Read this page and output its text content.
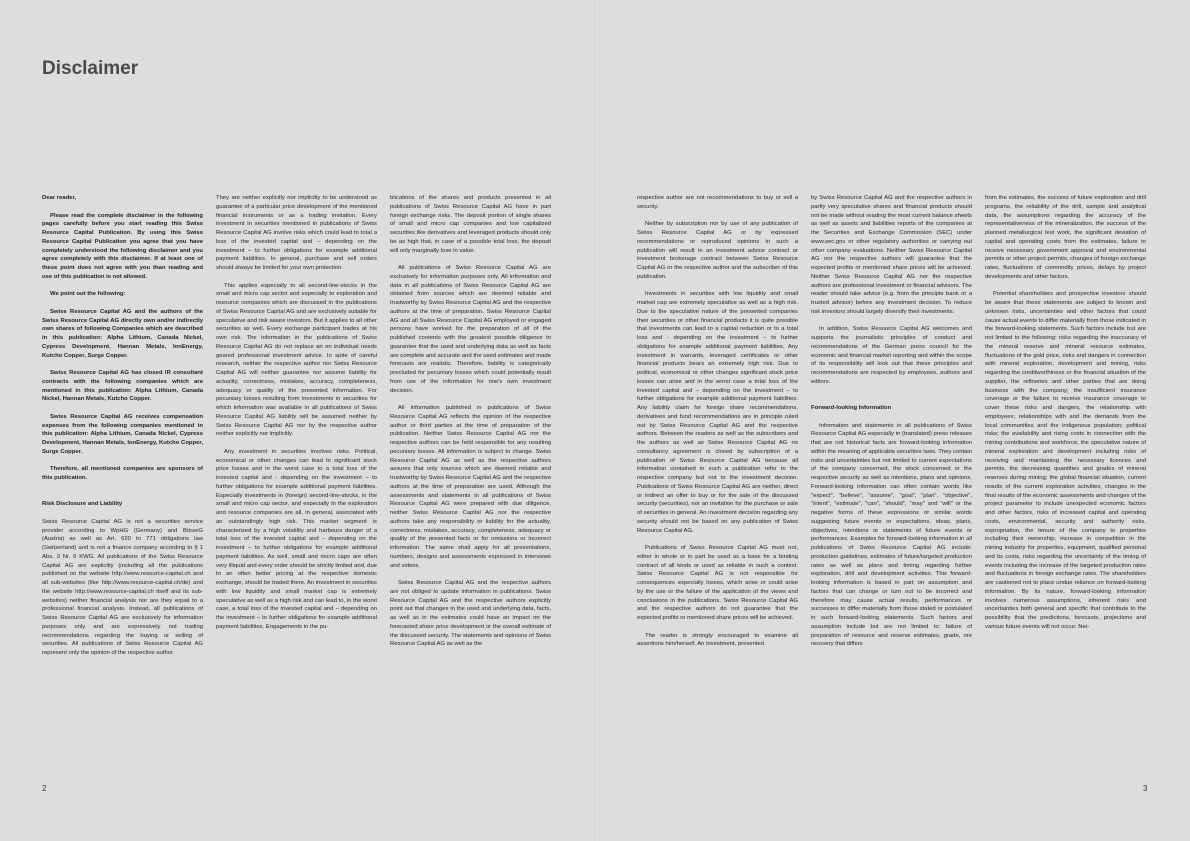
Disclaimer

Dear reader,

Please read the complete disclaimer in the following pages carefully before you start reading this Swiss Resource Capital Publication. By using this Swiss Resource Capital Publication you agree that you have completely understood the following disclaimer and you agree completely with this disclaimer. If at least one of these point does not agree with you than reading and use of this publication is not allowed.

We point out the following:

Swiss Resource Capital AG and the authors of the Swiss Resource Capital AG directly own and/or indirectly own shares of following Companies which are described in this publication: Alpha Lithium, Canada Nickel, Cypress Development, Hannan Metals, IonEnergy, Kutcho Copper, Surge Copper.

Swiss Resource Capital AG has closed IR consultant contracts with the following companies which are mentioned in this publication: Alpha Lithium, Canada Nickel, Hannan Metals, Kutcho Copper.

Swiss Resource Capital AG receives compensation expenses from the following companies mentioned in this publication: Alpha Lithium, Canada Nickel, Cypress Development, Hannan Metals, IonEnergy, Kutcho Copper, Surge Copper.

Therefore, all mentioned companies are sponsors of this publication.

Risk Disclosure and Liability

Swiss Resource Capital AG is not a securities service provider according to WpHG (Germany) and BörseG (Austria) as well as Art. 620 to 771 obligations law (Switzerland) and is not a finance company according to § 1 Abs. 3 Nr. 6 KWG. All publications of the Swiss Resource Capital AG are explicitly (including all the publications published on the website http://www.resource-capital.ch and all sub-websites (like http://www.resource-capital.ch/de) and the website http://www.resource-capital.ch itself and its sub-websites) neither financial analysis nor are they equal to a professional financial analysis. Instead, all publications of Swiss Resource Capital AG are exclusively for information purposes only and are expressively not trading recommendations regarding the buying or selling of securities. All publications of Swiss Resource Capital AG represent only the opinion of the respective author.

They are neither explicitly nor implicitly to be understood as guarantee of a particular price development of the mentioned financial instruments or as a trading invitation. Every investment in securities mentioned in publications of Swiss Resource Capital AG involve risks which could lead to total a loss of the invested capital and – depending on the investment – to further obligations for example additional payment liabilities. In general, purchase and sell orders should always be limited for your own protection.

This applies especially to all second-line-stocks in the small and micro cap sector and especially to exploration and resource companies which are discussed in the publications of Swiss Resource Capital AG and are exclusively suitable for speculative and risk aware investors. But it applies to all other securities as well. Every exchange participant trades at his own risk. The information in the publications of Swiss Resource Capital AG do not replace an on individual needs geared professional investment advice. In spite of careful research, neither the respective author nor Swiss Resource Capital AG will neither guarantee nor assume liability for actuality, correctness, mistakes, accuracy, completeness, adequacy or quality of the presented information. For pecuniary losses resulting from investments in securities for which information was available in all publications of Swiss Resource Capital AG liability will be assumed neither by Swiss Resource Capital AG nor by the respective author neither explicitly nor implicitly.

Any investment in securities involves risks. Political, economical or other changes can lead to significant stock price losses and in the worst case to a total loss of the invested capital and - depending on the investment – to further obligations for example additional payment liabilities. Especially investments in (foreign) second-line-stocks, in the small and micro cap sector, and especially in the exploration and resource companies are all, in general, associated with an outstandingly high risk. This market segment is characterized by a high volatility and harbours danger of a total loss of the invested capital and – depending on the investment – to further obligations for example additional payment liabilities. As well, small and micro caps are often very illiquid and every order should be strictly limited and, due to an often better pricing at the respective domestic exchange, should be traded there. An investment in securities with low liquidity and small market cap is extremely speculative as well as a high risk and can lead to, in the worst case, a total loss of the invested capital and – depending on the investment – to further obligations for example additional payment liabilities. Engagements in the pu-

blications of the shares and products presented in all publications of Swiss Resource Capital AG have in part foreign exchange risks. The deposit portion of single shares of small and micro cap companies and low capitalized securities like derivatives and leveraged products should only be as high that, in case of a possible total loss, the deposit will only marginally lose in value.

All publications of Swiss Resource Capital AG are exclusively for information purposes only. All information and data in all publications of Swiss Resource Capital AG are obtained from sources which are deemed reliable and trustworthy by Swiss Resource Capital AG and the respective authors at the time of preparation. Swiss Resource Capital AG and all Swiss Resource Capital AG employed or engaged persons have worked for the preparation of all of the published contents with the greatest possible diligence to guarantee that the used and underlying data as well as facts are complete and accurate and the used estimates and made forecasts are realistic. Therefore, liability is categorically precluded for pecuniary losses which could potentially result from use of the information for one's own investment decision.

All information published in publications of Swiss Resource Capital AG reflects the opinion of the respective author or third parties at the time of preparation of the publication. Neither Swiss Resource Capital AG nor the respective authors can be held responsible for any resulting pecuniary losses. All information is subject to change. Swiss Resource Capital AG as well as the respective authors assures that only sources which are deemed reliable and trustworthy by Swiss Resource Capital AG and the respective authors at the time of preparation are used. Although the assessments and statements in all publications of Swiss Resource Capital AG were prepared with due diligence, neither Swiss Resource Capital AG nor the respective authors take any responsibility or liability for the actuality, correctness, mistakes, accuracy, completeness, adequacy or quality of the presented facts or for omissions or incorrect information. The same shall apply for all presentations, numbers, designs and assessments expressed in interviews and videos.

Swiss Resource Capital AG and the respective authors are not obliged to update information in publications. Swiss Resource Capital AG and the respective authors explicitly point out that changes in the used and underlying data, facts, as well as in the estimates could have an impact on the forecasted share price development or the overall estimate of the discussed security. The statements and opinions of Swiss Resource Capital AG as well as the

respective author are not recommendations to buy or sell a security.

Neither by subscription nor by use of any publication of Swiss Resource Capital AG or by expressed recommendations or reproduced opinions in such a publication will result in an investment advice contract or investment brokerage contract between Swiss Resource Capital AG or the respective author and the subscriber of this publication.

Investments in securities with low liquidity and small market cap are extremely speculative as well as a high risk. Due to the speculative nature of the presented companies their securities or other financial products it is quite possible that investments can lead to a capital reduction or to a total loss and - depending on the investment – to further obligations for example additional payment liabilities. Any investment in warrants, leveraged certificates or other financial products bears an extremely high risk. Due to political, economical or other changes significant stock price losses can arise and in the worst case a total loss of the invested capital and – depending on the investment – to further obligations for example additional payment liabilities. Any liability claim for foreign share recommendations, derivatives and fund recommendations are in principle ruled out by Swiss Resource Capital AG and the respective authors. Between the readers as well as the subscribers and the authors as well as Swiss Resource Capital AG no consultancy agreement is closed by subscription of a publication of Swiss Resource Capital AG because all information contained in such a publication refer to the respective company but not to the investment decision. Publications of Swiss Resource Capital AG are neither, direct or indirect an offer to buy or for the sale of the discussed security (securities), nor an invitation for the purchase or sale of securities in general. An investment decision regarding any security should not be based on any publication of Swiss Resource Capital AG.

Publications of Swiss Resource Capital AG must not, either in whole or in part be used as a base for a binding contract of all kinds or used as reliable in such a context. Swiss Resource Capital AG is not responsible for consequences especially losses, which arise or could arise by the use or the failure of the application of the views and conclusions in the publications. Swiss Resource Capital AG and the respective authors do not guarantee that the expected profits or mentioned share prices will be achieved.

The reader is strongly encouraged to examine all assertions him/herself. An investment, presented

by Swiss Resource Capital AG and the respective authors in partly very speculative shares and financial products should not be made without reading the most current balance sheets as well as assets and liabilities reports of the companies at the Securities and Exchange Commission (SEC) under www.sec.gov or other regulatory authorities or carrying out other company evaluations. Neither Swiss Resource Capital AG nor the respective authors will guarantee that the expected profits or mentioned share prices will be achieved. Neither Swiss Resource Capital AG nor the respective authors are professional investment or financial advisors. The reader should take advice (e.g. from the principle bank or a trusted advisor) before any investment decision. To reduce risk investors should largely diversify their investments.

In addition, Swiss Resource Capital AG welcomes and supports the journalistic principles of conduct and recommendations of the German press council for the economic and financial market reporting and within the scope of its responsibility will look out that these principles and recommendations are respected by employees, authors and editors.

Forward-looking Information

Information and statements in all publications of Swiss Resource Capital AG especially in (translated) press releases that are not historical facts are forward-looking information within the meaning of applicable securities laws. They contain risks and uncertainties but not limited to current expectations of the company concerned, the stock concerned or the respective security as well as intentions, plans and opinions. Forward-looking information can often contain words like "expect", "believe", "assume", "goal", "plan", "objective", "intent", "estimate", "can", "should", "may" and "will" or the negative forms of these expressions or similar words suggesting future events or expectations, ideas, plans, objectives, intentions or statements of future events or performances. Examples for forward-looking information in all publications of Swiss Resource Capital AG include: production guidelines, estimates of future/targeted production rates as well as plans and timing regarding further exploration, drill and development activities. This forward-looking information is based in part on assumption and factors that can change or turn out to be incorrect and therefore may cause actual results, performances or successes to differ materially from those stated or postulated in such forward-looking statements. Such factors and assumption include but are not limited to: failure of preparation of resource and reserve estimates, grade, ore recovery that differs

from the estimates, the success of future exploration and drill programs, the reliability of the drill, sample and analytical data, the assumptions regarding the accuracy of the representativeness of the mineralization, the success of the planned metallurgical test work, the significant deviation of capital and operating costs from the estimates, failure to receive necessary government approval and environmental permits or other project permits, changes of foreign exchange rates, fluctuations of commodity prices, delays by project developments and other factors.

Potential shareholders and prospective investors should be aware that these statements are subject to known and unknown risks, uncertainties and other factors that could cause actual events to differ materially from those indicated in the forward-looking statements. Such factors include but are not limited to the following: risks regarding the inaccuracy of the mineral reserve and mineral resource estimates, fluctuations of the gold price, risks and dangers in connection with mineral exploration, development and mining, risks regarding the creditworthiness or the financial situation of the supplier, the refineries and other parties that are doing business with the company; the insufficient insurance coverage or the failure to receive insurance coverage to cover these risks and dangers, the relationship with employees; relationships with and the demands from the local communities and the indigenous population; political risks; the availability and rising costs in connection with the mining contributions and workforce; the speculative nature of mineral exploration and development including risks of receiving and maintaining the necessary licences and permits, the decreasing quantities and grades of mineral reserves during mining; the global financial situation, current results of the current exploration activities, changes in the final results of the economic assessments and changes of the project parameter to include unexpected economic factors and other factors, risks of increased capital and operating costs, environmental, security and authority risks, expropriation, the tenure of the company to properties including their ownership, increase in competition in the mining industry for properties, equipment, qualified personal and its costs, risks regarding the uncertainty of the timing of events including the increase of the targeted production rates and fluctuations in foreign exchange rates. The shareholders are cautioned not to place undue reliance on forward-looking information. By its nature, forward-looking information involves numerous assumptions, inherent risks and uncertainties both general and specific that contribute to the possibility that the predictions, forecasts, projections and various future events will not occur. Nei-

2	3
